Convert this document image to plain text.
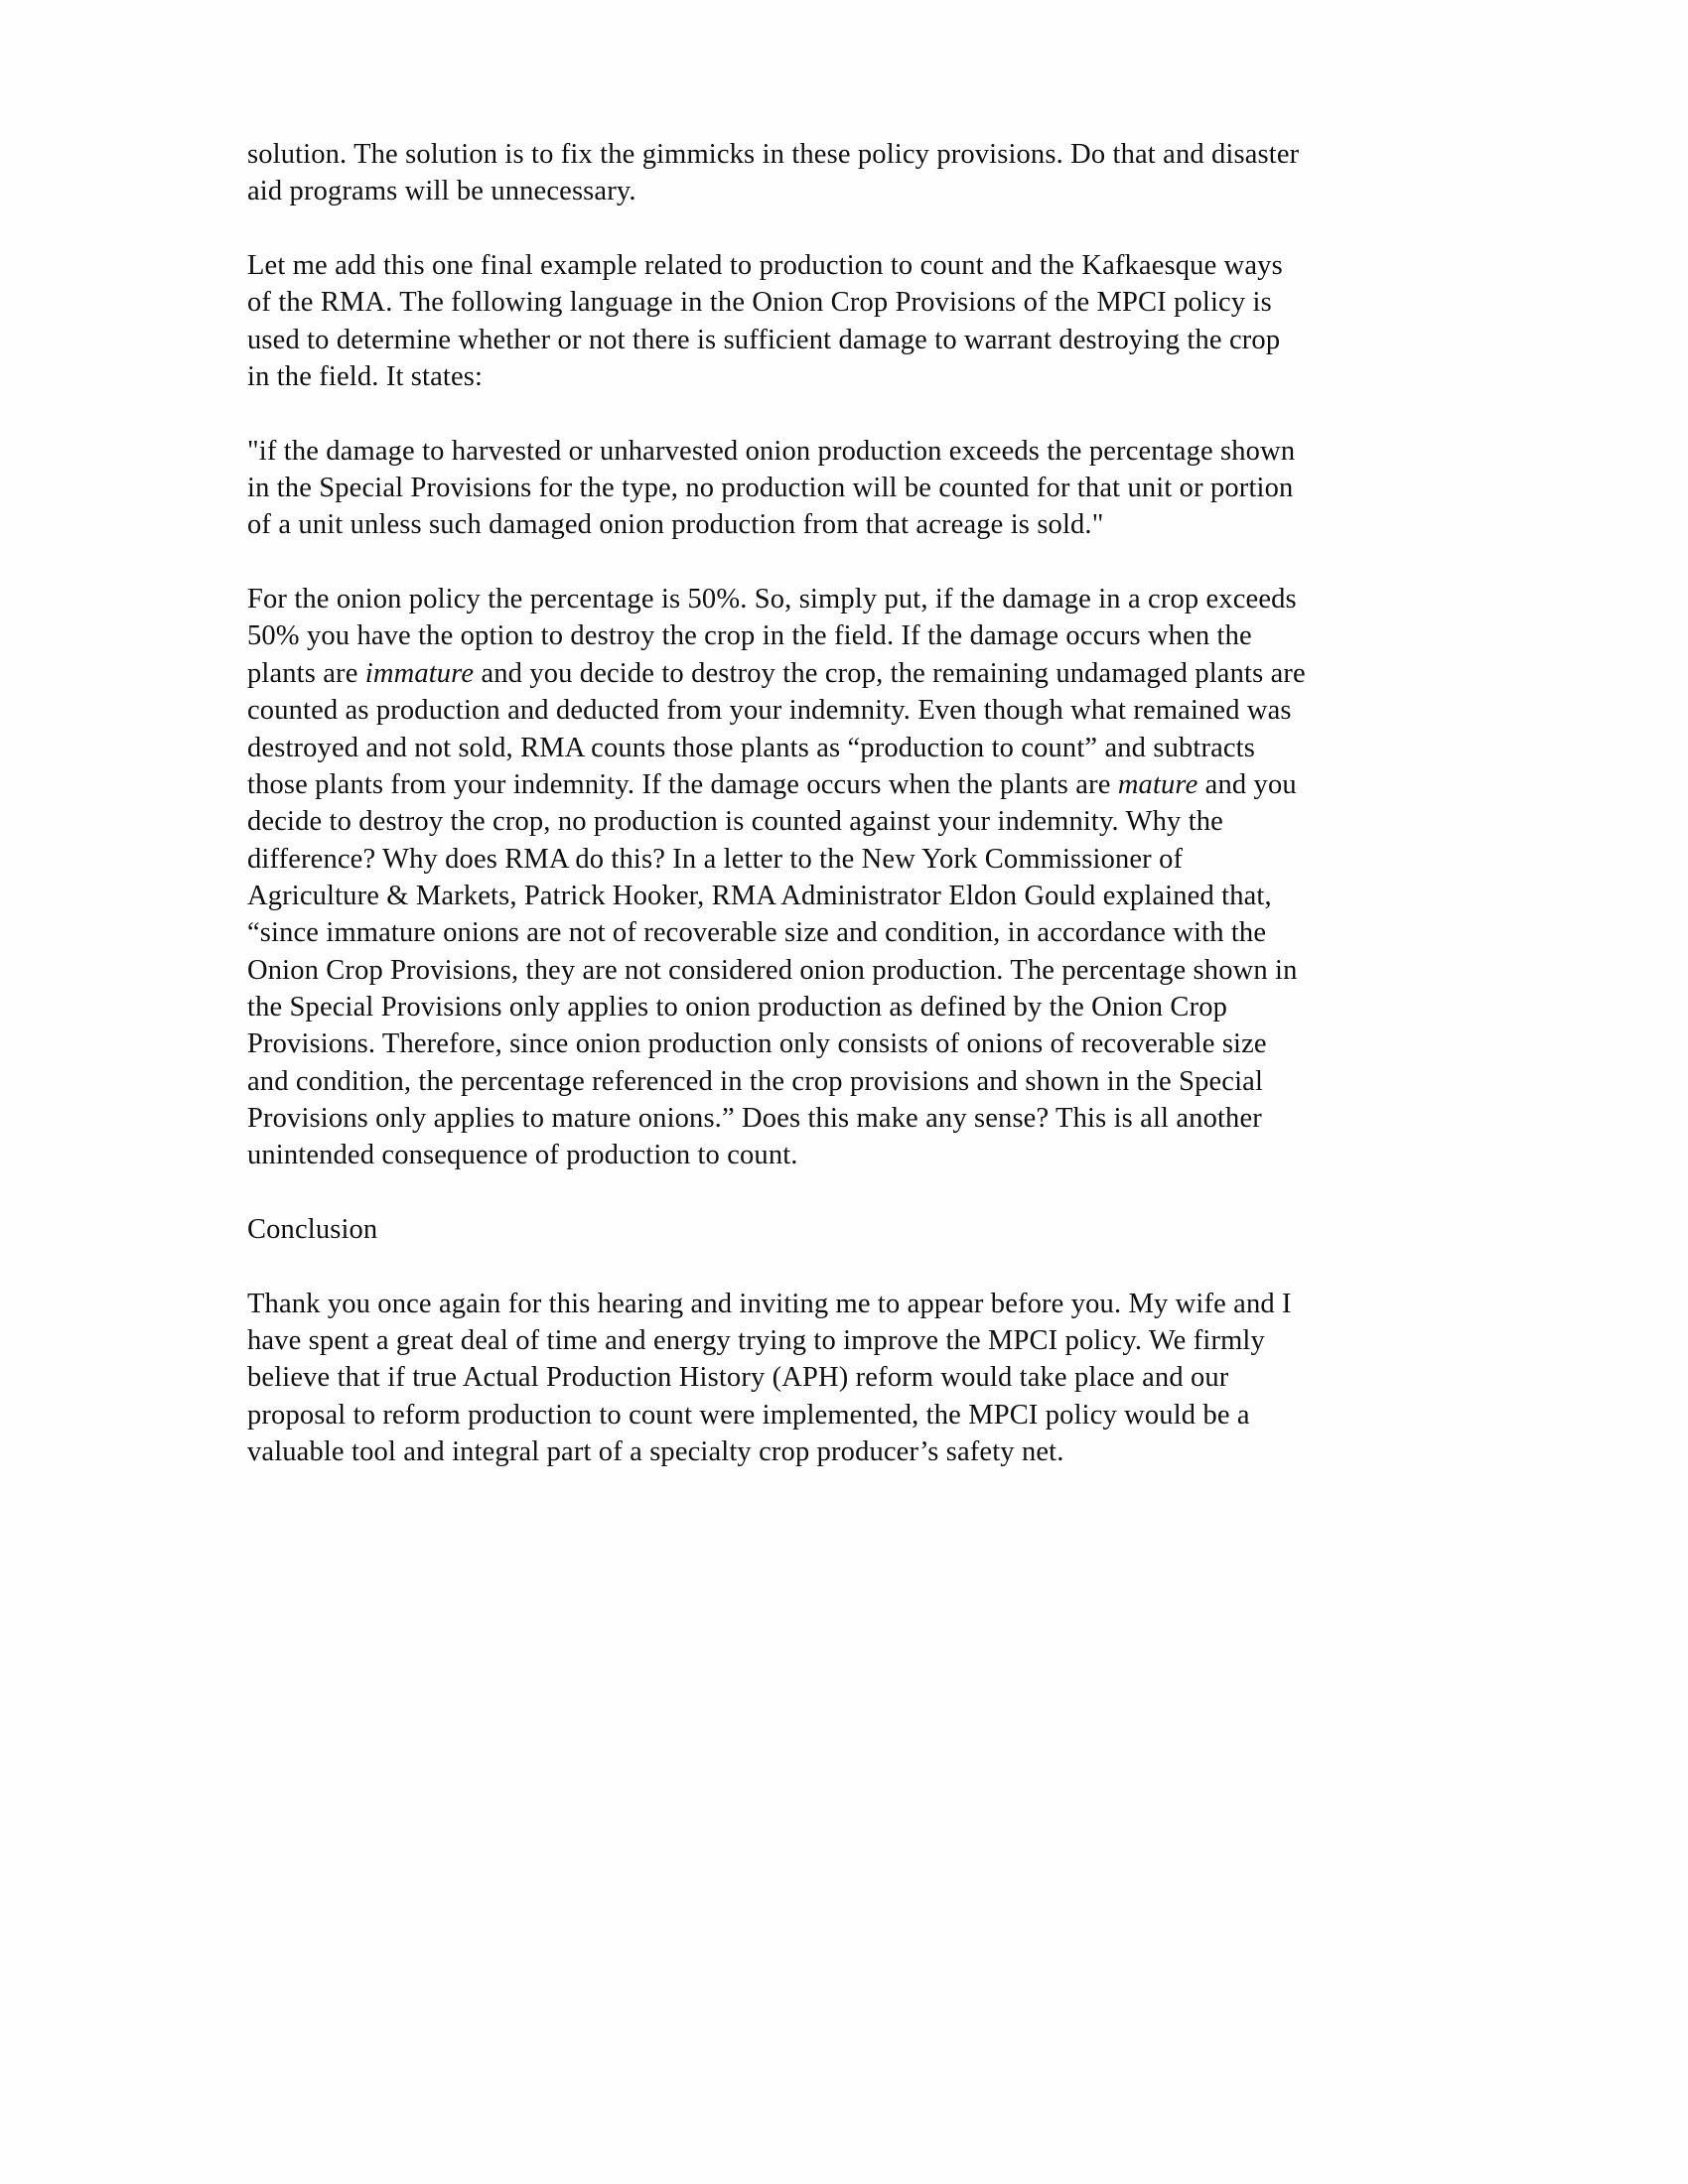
solution. The solution is to fix the gimmicks in these policy provisions. Do that and disaster
aid programs will be unnecessary.

Let me add this one final example related to production to count and the Kafkaesque ways
of the RMA. The following language in the Onion Crop Provisions of the MPCI policy is
used to determine whether or not there is sufficient damage to warrant destroying the crop
in the field. It states:

"if the damage to harvested or unharvested onion production exceeds the percentage shown
in the Special Provisions for the type, no production will be counted for that unit or portion
of a unit unless such damaged onion production from that acreage is sold."

For the onion policy the percentage is 50%. So, simply put, if the damage in a crop exceeds
50% you have the option to destroy the crop in the field. If the damage occurs when the
plants are immature and you decide to destroy the crop, the remaining undamaged plants are
counted as production and deducted from your indemnity. Even though what remained was
destroyed and not sold, RMA counts those plants as “production to count” and subtracts
those plants from your indemnity. If the damage occurs when the plants are mature and you
decide to destroy the crop, no production is counted against your indemnity. Why the
difference? Why does RMA do this? In a letter to the New York Commissioner of
Agriculture & Markets, Patrick Hooker, RMA Administrator Eldon Gould explained that,
“since immature onions are not of recoverable size and condition, in accordance with the
Onion Crop Provisions, they are not considered onion production. The percentage shown in
the Special Provisions only applies to onion production as defined by the Onion Crop
Provisions. Therefore, since onion production only consists of onions of recoverable size
and condition, the percentage referenced in the crop provisions and shown in the Special
Provisions only applies to mature onions.” Does this make any sense? This is all another
unintended consequence of production to count.

Conclusion

Thank you once again for this hearing and inviting me to appear before you. My wife and I
have spent a great deal of time and energy trying to improve the MPCI policy. We firmly
believe that if true Actual Production History (APH) reform would take place and our
proposal to reform production to count were implemented, the MPCI policy would be a
valuable tool and integral part of a specialty crop producer’s safety net.
